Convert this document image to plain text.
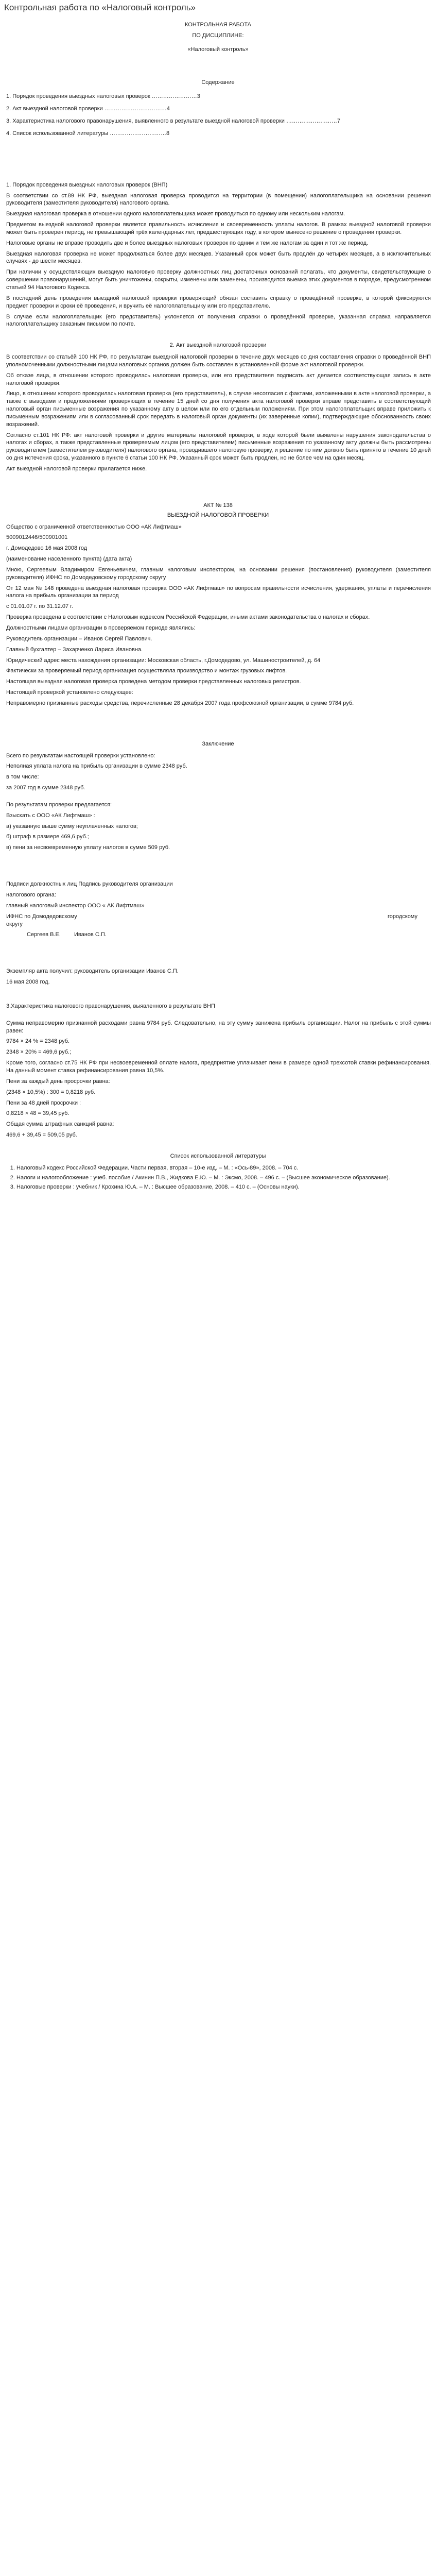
Контрольная работа по «Налоговый контроль»
КОНТРОЛЬНАЯ РАБОТА
ПО ДИСЦИПЛИНЕ:
«Налоговый контроль»
Содержание
1. Порядок проведения выездных налоговых проверок ……………………3
2. Акт выездной налоговой проверки ……………………………4
3. Характеристика налогового правонарушения, выявленного в результате выездной налоговой проверки ………………………7
4. Список использованной литературы …………………………8
1. Порядок проведения выездных налоговых проверок (ВНП)

В соответствии со ст.89 НК РФ, выездная налоговая проверка проводится на территории (в помещении) налогоплательщика на основании решения руководителя (заместителя руководителя) налогового органа.

Выездная налоговая проверка в отношении одного налогоплательщика может проводиться по одному или нескольким налогам.

Предметом выездной налоговой проверки является правильность исчисления и своевременность уплаты налогов. В рамках выездной налоговой проверки может быть проверен период, не превышающий трёх календарных лет, предшествующих году, в котором вынесено решение о проведении проверки.

Налоговые органы не вправе проводить две и более выездных налоговых проверок по одним и тем же налогам за один и тот же период.

Выездная налоговая проверка не может продолжаться более двух месяцев. Указанный срок может быть продлён до четырёх месяцев, а в исключительных случаях - до шести месяцев.

При наличии у осуществляющих выездную налоговую проверку должностных лиц достаточных оснований полагать, что документы, свидетельствующие о совершении правонарушений, могут быть уничтожены, сокрыты, изменены или заменены, производится выемка этих документов в порядке, предусмотренном статьей 94 Налогового Кодекса.

В последний день проведения выездной налоговой проверки проверяющий обязан составить справку о проведённой проверке, в которой фиксируются предмет проверки и сроки её проведения, и вручить её налогоплательщику или его представителю.

В случае если налогоплательщик (его представитель) уклоняется от получения справки о проведённой проверке, указанная справка направляется налогоплательщику заказным письмом по почте.

2. Акт выездной налоговой проверки

В соответствии со статьёй 100 НК РФ, по результатам выездной налоговой проверки в течение двух месяцев со дня составления справки о проведённой ВНП уполномоченными должностными лицами налоговых органов должен быть составлен в установленной форме акт налоговой проверки.

Об отказе лица, в отношении которого проводилась налоговая проверка, или его представителя подписать акт делается соответствующая запись в акте налоговой проверки.

Лицо, в отношении которого проводилась налоговая проверка (его представитель), в случае несогласия с фактами, изложенными в акте налоговой проверки, а также с выводами и предложениями проверяющих в течение 15 дней со дня получения акта налоговой проверки вправе представить в соответствующий налоговый орган письменные возражения по указанному акту в целом или по его отдельным положениям. При этом налогоплательщик вправе приложить к письменным возражениям или в согласованный срок передать в налоговый орган документы (их заверенные копии), подтверждающие обоснованность своих возражений.

Согласно ст.101 НК РФ: акт налоговой проверки и другие материалы налоговой проверки, в ходе которой были выявлены нарушения законодательства о налогах и сборах, а также представленные проверяемым лицом (его представителем) письменные возражения по указанному акту должны быть рассмотрены руководителем (заместителем руководителя) налогового органа, проводившего налоговую проверку, и решение по ним должно быть принято в течение 10 дней со дня истечения срока, указанного в пункте 6 статьи 100 НК РФ. Указанный срок может быть продлен, но не более чем на один месяц.

Акт выездной налоговой проверки прилагается ниже.

АКТ № 138
ВЫЕЗДНОЙ НАЛОГОВОЙ ПРОВЕРКИ
Общество с ограниченной ответственностью ООО «АК Лифтмаш»
5009012446/500901001
г. Домодедово 16 мая 2008 год
(наименование населенного пункта) (дата акта)

Мною, Сергеевым Владимиром Евгеньевичем, главным налоговым инспектором, на основании решения (постановления) руководителя (заместителя руководителя) ИФНС по Домодедовскому городскому округу

От 12 мая № 148 проведена выездная налоговая проверка ООО «АК Лифтмаш» по вопросам правильности исчисления, удержания, уплаты и перечисления налога на прибыль организации за период

с 01.01.07 г. по 31.12.07 г.

Проверка проведена в соответствии с Налоговым кодексом Российской Федерации, иными актами законодательства о налогах и сборах.

Должностными лицами организации в проверяемом периоде являлись:

Руководитель организации – Иванов Сергей Павлович.

Главный бухгалтер – Захарченко Лариса Ивановна.

Юридический адрес места нахождения организации: Московская область, г.Домодедово, ул. Машиностроителей, д. 64

Фактически за проверяемый период организация осуществляла производство и монтаж грузовых лифтов.

Настоящая выездная налоговая проверка проведена методом проверки представленных налоговых регистров.

Настоящей проверкой установлено следующее:

Неправомерно признанные расходы средства, перечисленные 28 декабря 2007 года профсоюзной организации, в сумме 9784 руб.

Заключение
Всего по результатам настоящей проверки установлено:
Неполная уплата налога на прибыль организации в сумме 2348 руб.
в том числе:
за 2007 год в сумме 2348 руб.
По результатам проверки предлагается:
Взыскать с ООО «АК Лифтмаш» :
а) указанную выше сумму неуплаченных налогов;
б) штраф в размере 469,6 руб.;
в) пени за несвоевременную уплату налогов в сумме 509 руб.
Подписи должностных лиц Подпись руководителя организации
налогового органа:
главный налоговый инспектор ООО « АК Лифтмаш»
ИФНС по Домодедовскому	городскому
округу
Сергеев В.Е. Иванов С.П.
Экземпляр акта получил: руководитель организации Иванов С.П.
16 мая 2008 год.
3.Характеристика налогового правонарушения, выявленного в результате ВНП

Сумма неправомерно признанной расходами равна 9784 руб. Следовательно, на эту сумму занижена прибыль организации. Налог на прибыль с этой суммы равен:

9784 × 24 % = 2348 руб.
2348 × 20% = 469,6 руб.;

Кроме того, согласно ст.75 НК РФ при несвоевременной оплате налога, предприятие уплачивает пени в размере одной трехсотой ставки рефинансирования. На данный момент ставка рефинансирования равна 10,5%.

Пени за каждый день просрочки равна:
(2348 × 10,5%) : 300 = 0,8218 руб.
Пени за 48 дней просрочки :
0,8218 × 48 = 39,45 руб.
Общая сумма штрафных санкций равна:
469,6 + 39,45 = 509,05 руб.
Список использованной литературы
1. Налоговый кодекс Российской Федерации. Части первая, вторая – 10-е изд. – М. : «Ось-89», 2008. – 704 с.
2. Налоги и налогообложение : учеб. пособие / Акинин П.В., Жидкова Е.Ю. – М. : Эксмо, 2008. – 496 с. – (Высшее экономическое образование).
3. Налоговые проверки : учебник / Крохина Ю.А. – М. : Высшее образование, 2008. – 410 с. – (Основы науки).
